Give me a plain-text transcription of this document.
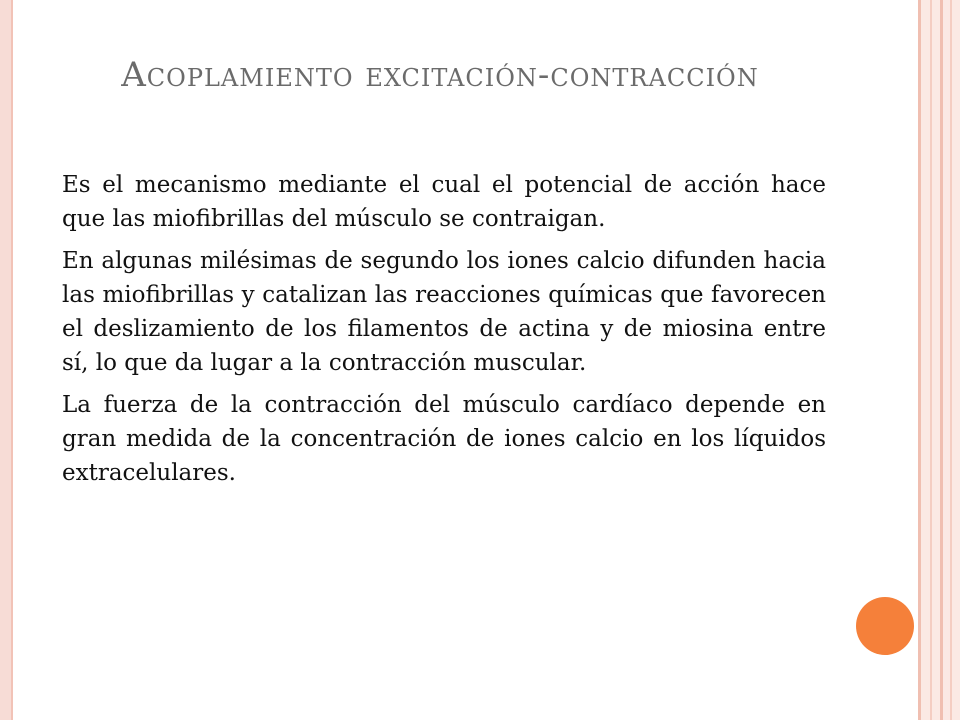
Acoplamiento excitación-contracción

Es el mecanismo mediante el cual el potencial de acción hace que las miofibrillas del músculo se contraigan.

En algunas milésimas de segundo los iones calcio difunden hacia las miofibrillas y catalizan las reacciones químicas que favorecen el deslizamiento de los filamentos de actina y de miosina entre sí, lo que da lugar a la contracción muscular.

La fuerza de la contracción del músculo cardíaco depende en gran medida de la concentración de iones calcio en los líquidos extracelulares.
